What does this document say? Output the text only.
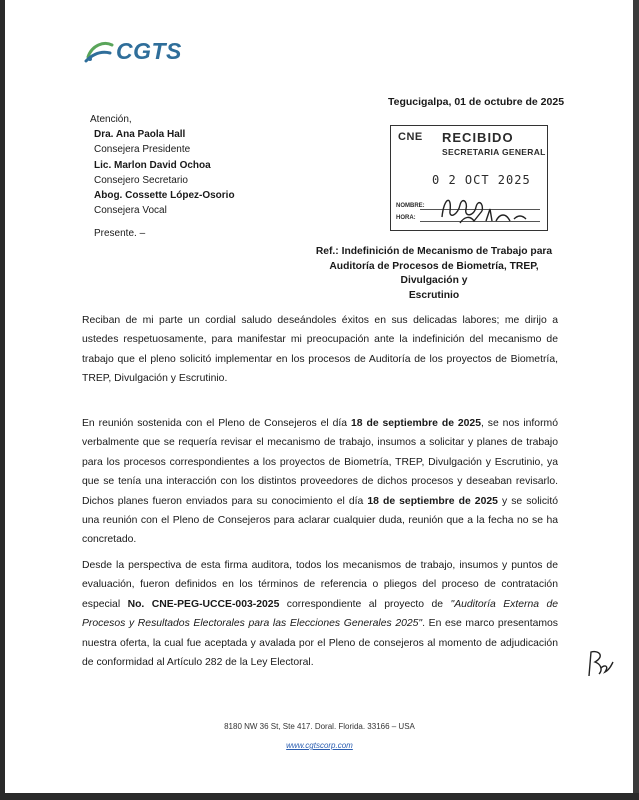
CGTS
Tegucigalpa, 01 de octubre de 2025
Atención,
Dra. Ana Paola Hall
Consejera Presidente
Lic. Marlon David Ochoa
Consejero Secretario
Abog. Cossette López-Osorio
Consejera Vocal
Presente. –
CNE RECIBIDO
SECRETARIA GENERAL
0 2 OCT 2025
NOMBRE:
HORA:
Ref.: Indefinición de Mecanismo de Trabajo para
Auditoría de Procesos de Biometría, TREP, Divulgación y
Escrutinio
Reciban de mi parte un cordial saludo deseándoles éxitos en sus delicadas labores; me dirijo a ustedes respetuosamente, para manifestar mi preocupación ante la indefinición del mecanismo de trabajo que el pleno solicitó implementar en los procesos de Auditoría de los proyectos de Biometría, TREP, Divulgación y Escrutinio.
En reunión sostenida con el Pleno de Consejeros el día 18 de septiembre de 2025, se nos informó verbalmente que se requería revisar el mecanismo de trabajo, insumos a solicitar y planes de trabajo para los procesos correspondientes a los proyectos de Biometría, TREP, Divulgación y Escrutinio, ya que se tenía una interacción con los distintos proveedores de dichos procesos y deseaban revisarlo. Dichos planes fueron enviados para su conocimiento el día 18 de septiembre de 2025 y se solicitó una reunión con el Pleno de Consejeros para aclarar cualquier duda, reunión que a la fecha no se ha concretado.
Desde la perspectiva de esta firma auditora, todos los mecanismos de trabajo, insumos y puntos de evaluación, fueron definidos en los términos de referencia o pliegos del proceso de contratación especial No. CNE-PEG-UCCE-003-2025 correspondiente al proyecto de "Auditoría Externa de Procesos y Resultados Electorales para las Elecciones Generales 2025". En ese marco presentamos nuestra oferta, la cual fue aceptada y avalada por el Pleno de consejeros al momento de adjudicación de conformidad al Artículo 282 de la Ley Electoral.
8180 NW 36 St, Ste 417. Doral. Florida. 33166 – USA
www.cgtscorp.com
